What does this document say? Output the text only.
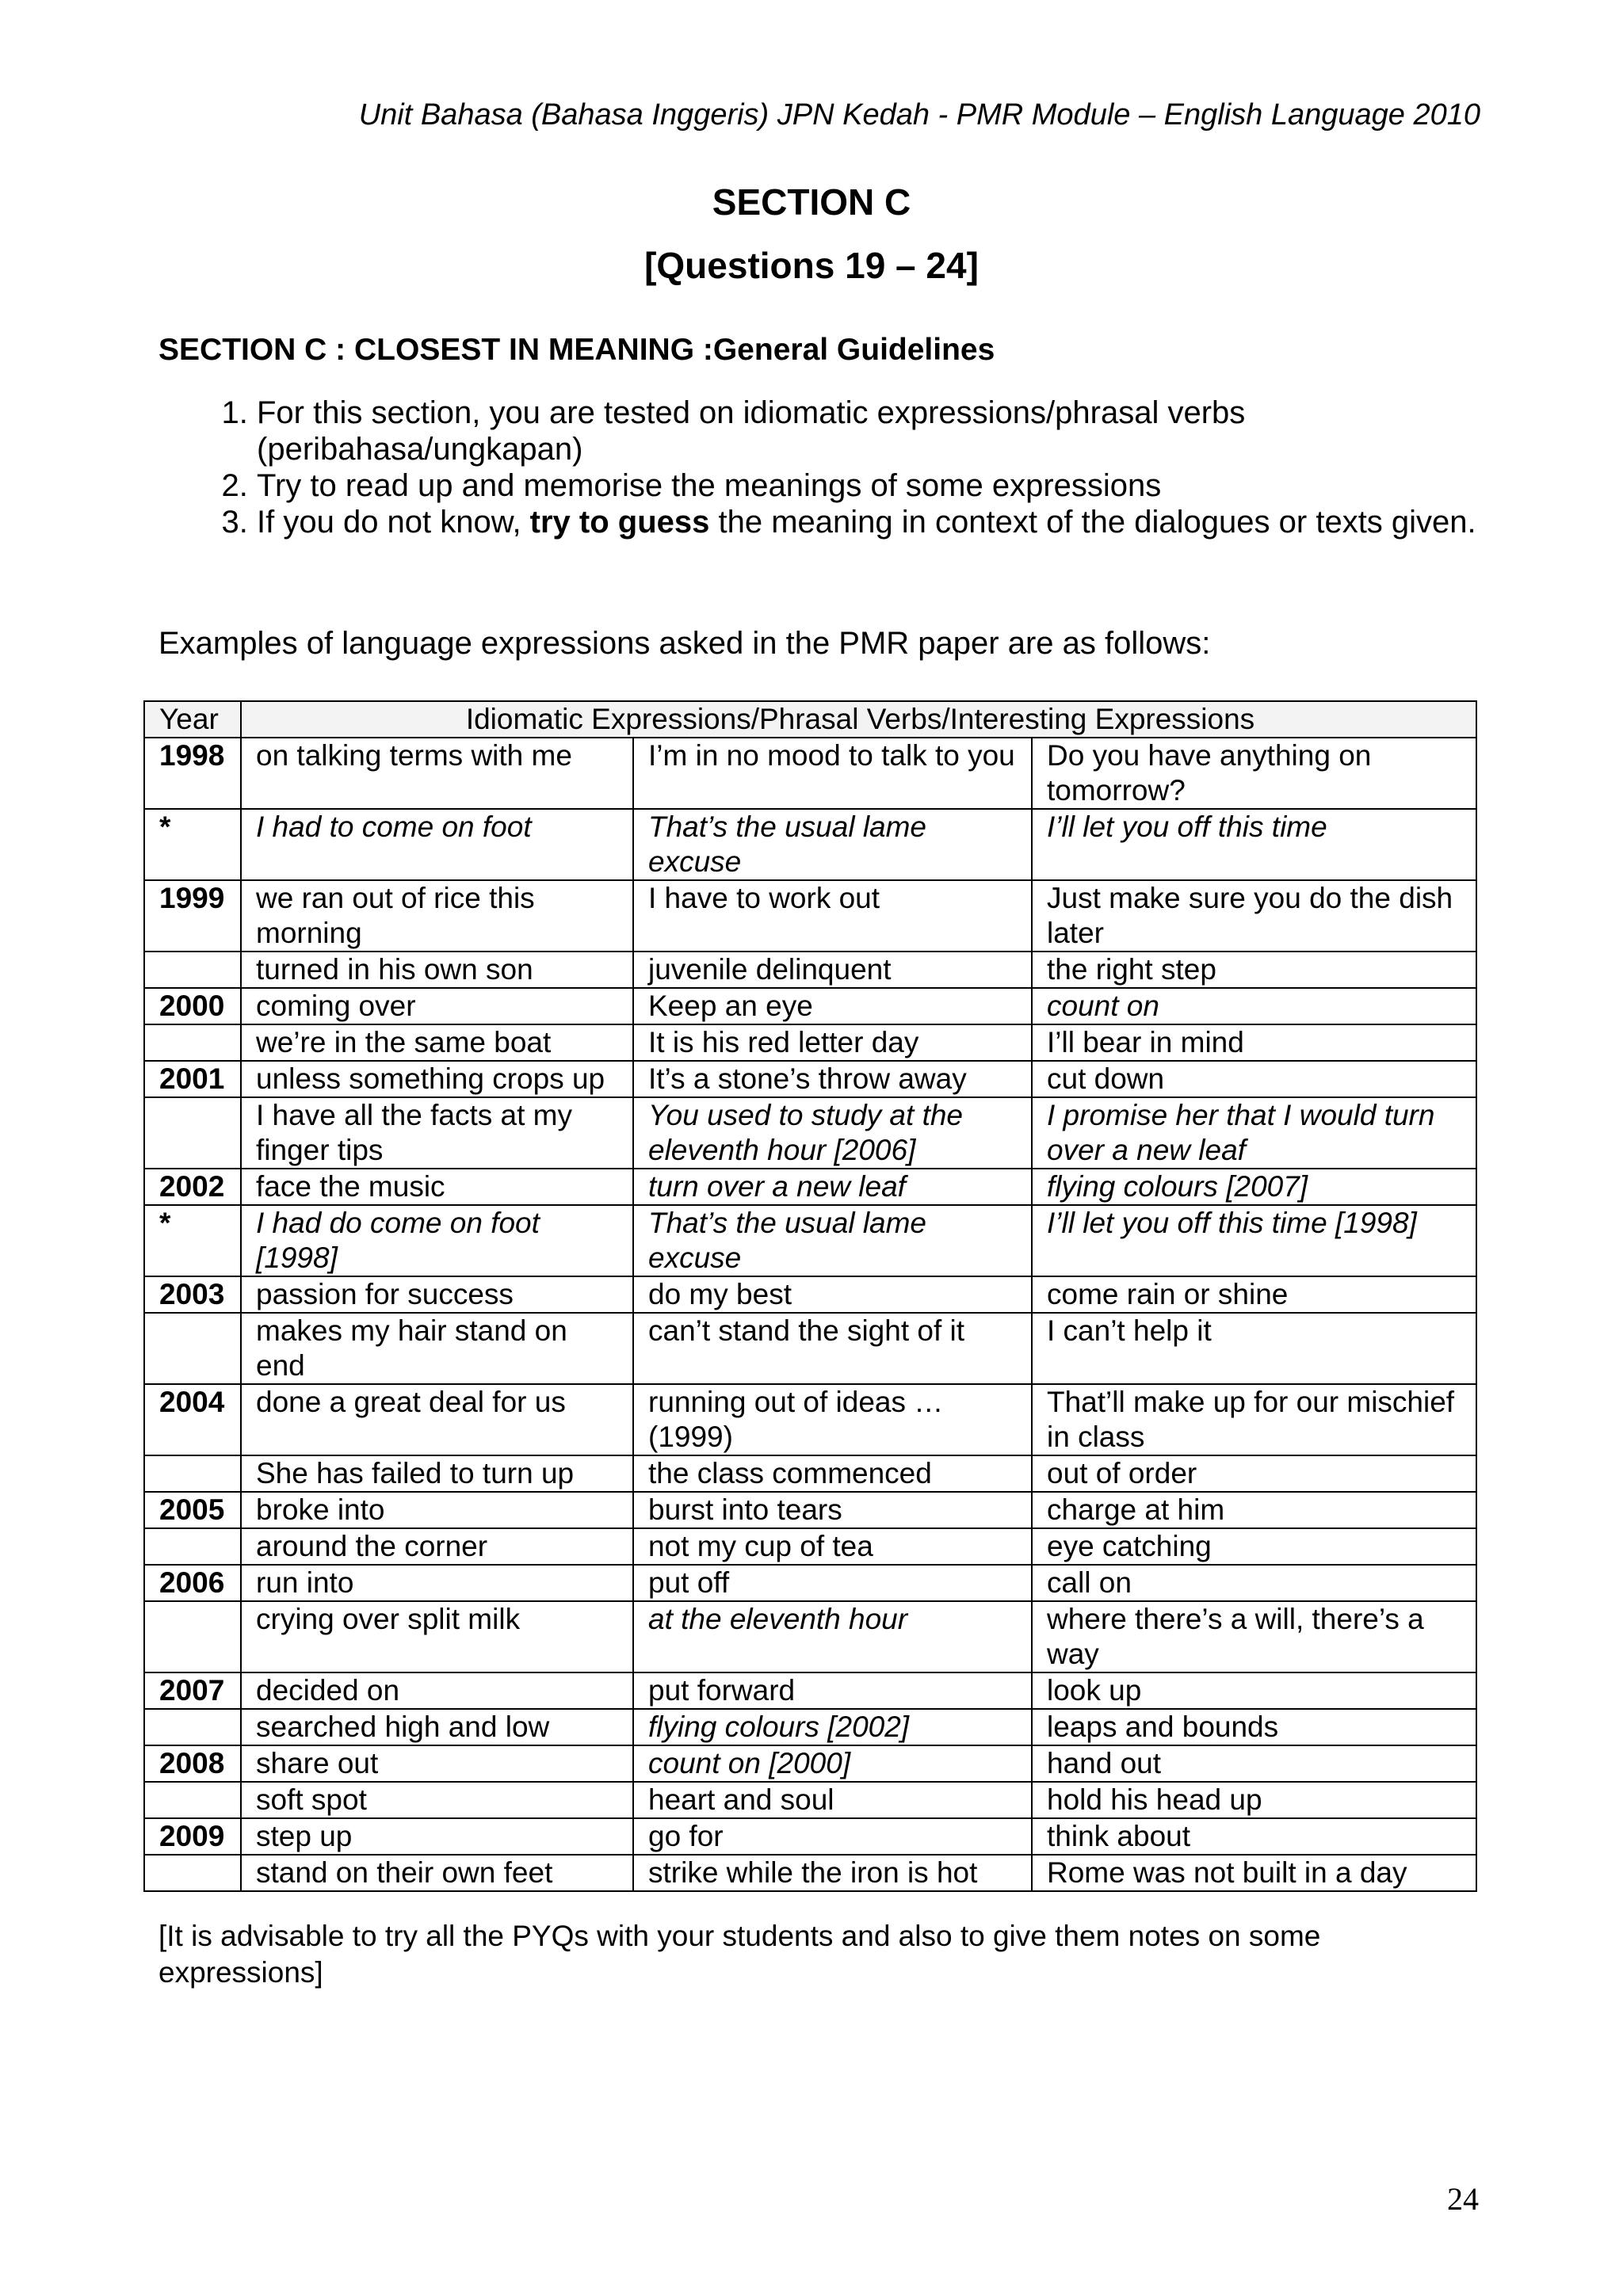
Unit Bahasa (Bahasa Inggeris) JPN Kedah - PMR Module – English Language 2010
SECTION C
[Questions 19 – 24]

SECTION C : CLOSEST IN MEANING :General Guidelines

1. For this section, you are tested on idiomatic expressions/phrasal verbs (peribahasa/ungkapan)
2. Try to read up and memorise the meanings of some expressions
3. If you do not know, try to guess the meaning in context of the dialogues or texts given.

Examples of language expressions asked in the PMR paper are as follows:

Year	Idiomatic Expressions/Phrasal Verbs/Interesting Expressions		
1998	on talking terms with me	I’m in no mood to talk to you	Do you have anything on tomorrow?
*	I had to come on foot	That’s the usual lame excuse	I’ll let you off this time
1999	we ran out of rice this morning	I have to work out	Just make sure you do the dish later
	turned in his own son	juvenile delinquent	the right step
2000	coming over	Keep an eye	count on
	we’re in the same boat	It is his red letter day	I’ll bear in mind
2001	unless something crops up	It’s a stone’s throw away	cut down
	I have all the facts at my finger tips	You used to study at the eleventh hour [2006]	I promise her that I would turn over a new leaf
2002	face the music	turn over a new leaf	flying colours [2007]
*	I had do come on foot [1998]	That’s the usual lame excuse	I’ll let you off this time [1998]
2003	passion for success	do my best	come rain or shine
	makes my hair stand on end	can’t stand the sight of it	I can’t help it
2004	done a great deal for us	running out of ideas … (1999)	That’ll make up for our mischief in class
	She has failed to turn up	the class commenced	out of order
2005	broke into	burst into tears	charge at him
	around the corner	not my cup of tea	eye catching
2006	run into	put off	call on
	crying over split milk	at the eleventh hour	where there’s a will, there’s a way
2007	decided on	put forward	look up
	searched high and low	flying colours [2002]	leaps and bounds
2008	share out	count on [2000]	hand out
	soft spot	heart and soul	hold his head up
2009	step up	go for	think about
	stand on their own feet	strike while the iron is hot	Rome was not built in a day

[It is advisable to try all the PYQs with your students and also to give them notes on some expressions]

24
